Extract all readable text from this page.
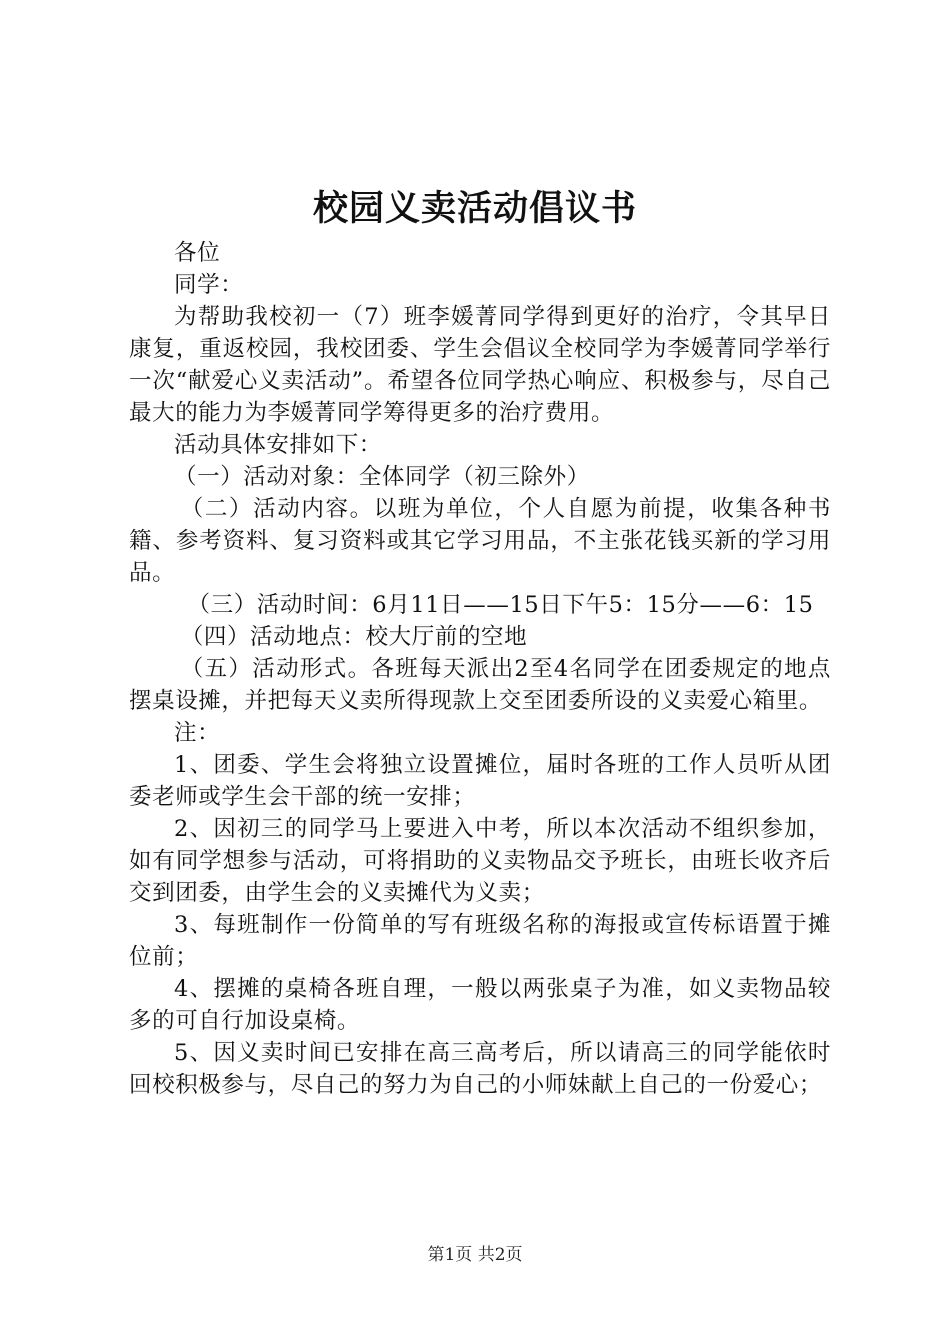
校园义卖活动倡议书

各位

同学：

为帮助我校初一（7）班李媛菁同学得到更好的治疗，令其早日康复，重返校园，我校团委、学生会倡议全校同学为李媛菁同学举行一次“献爱心义卖活动”。希望各位同学热心响应、积极参与，尽自己最大的能力为李媛菁同学筹得更多的治疗费用。

活动具体安排如下：

（一）活动对象：全体同学（初三除外）

（二）活动内容。以班为单位，个人自愿为前提，收集各种书籍、参考资料、复习资料或其它学习用品，不主张花钱买新的学习用品。

（三）活动时间：6月11日——15日下午5：15分——6：15

（四）活动地点：校大厅前的空地

（五）活动形式。各班每天派出2至4名同学在团委规定的地点摆桌设摊，并把每天义卖所得现款上交至团委所设的义卖爱心箱里。

注：

1、团委、学生会将独立设置摊位，届时各班的工作人员听从团委老师或学生会干部的统一安排；

2、因初三的同学马上要进入中考，所以本次活动不组织参加，如有同学想参与活动，可将捐助的义卖物品交予班长，由班长收齐后交到团委，由学生会的义卖摊代为义卖；

3、每班制作一份简单的写有班级名称的海报或宣传标语置于摊位前；

4、摆摊的桌椅各班自理，一般以两张桌子为准，如义卖物品较多的可自行加设桌椅。

5、因义卖时间已安排在高三高考后，所以请高三的同学能依时回校积极参与，尽自己的努力为自己的小师妹献上自己的一份爱心；

第1页 共2页
